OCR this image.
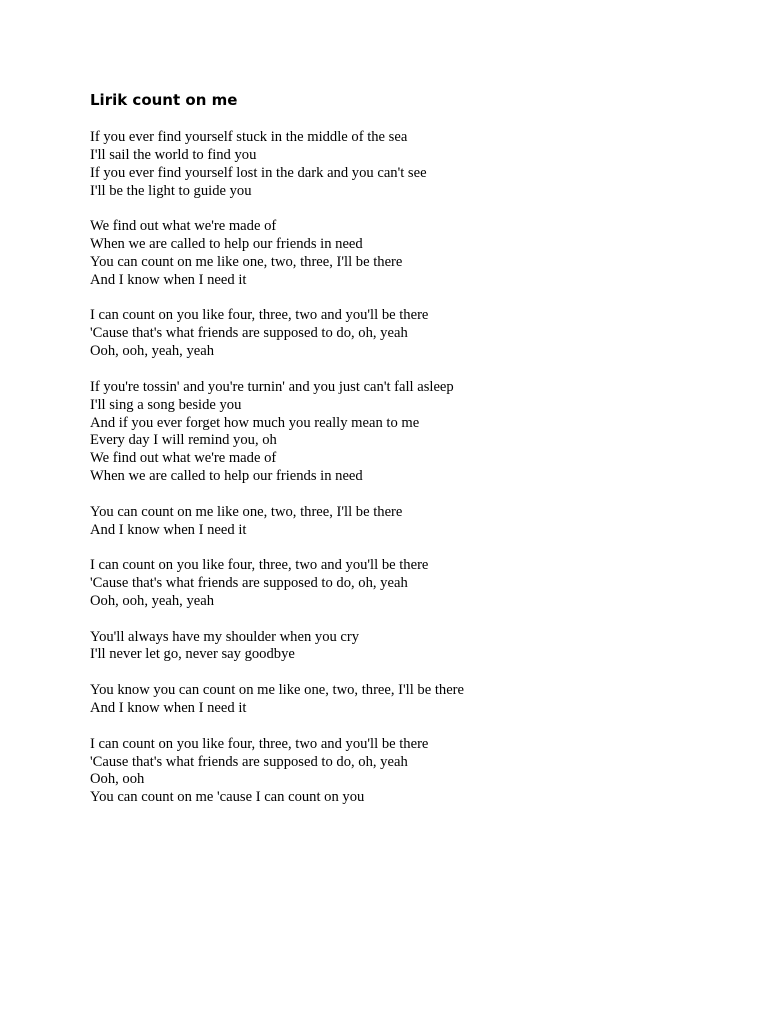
Lirik count on me

If you ever find yourself stuck in the middle of the sea
I'll sail the world to find you
If you ever find yourself lost in the dark and you can't see
I'll be the light to guide you

We find out what we're made of
When we are called to help our friends in need
You can count on me like one, two, three, I'll be there
And I know when I need it

I can count on you like four, three, two and you'll be there
'Cause that's what friends are supposed to do, oh, yeah
Ooh, ooh, yeah, yeah

If you're tossin' and you're turnin' and you just can't fall asleep
I'll sing a song beside you
And if you ever forget how much you really mean to me
Every day I will remind you, oh
We find out what we're made of
When we are called to help our friends in need

You can count on me like one, two, three, I'll be there
And I know when I need it

I can count on you like four, three, two and you'll be there
'Cause that's what friends are supposed to do, oh, yeah
Ooh, ooh, yeah, yeah

You'll always have my shoulder when you cry
I'll never let go, never say goodbye

You know you can count on me like one, two, three, I'll be there
And I know when I need it

I can count on you like four, three, two and you'll be there
'Cause that's what friends are supposed to do, oh, yeah
Ooh, ooh
You can count on me 'cause I can count on you
